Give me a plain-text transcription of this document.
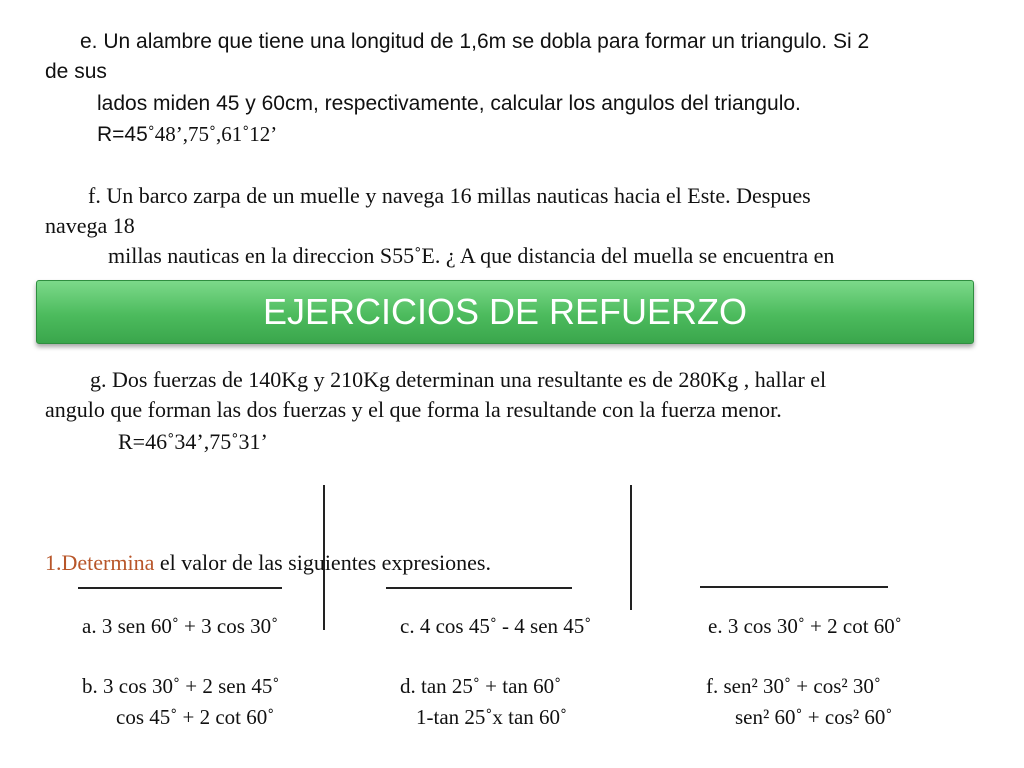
e. Un alambre que tiene una longitud de 1,6m se dobla para formar un triangulo. Si 2
de sus
lados miden 45 y 60cm, respectivamente, calcular los angulos del triangulo.
R=45˚48’,75˚,61˚12’
f. Un barco zarpa de un muelle y navega 16 millas nauticas hacia el Este. Despues
navega 18
millas nauticas en la direccion S55˚E. ¿ A que distancia del muella se encuentra en
EJERCICIOS DE REFUERZO
g. Dos fuerzas de 140Kg y 210Kg determinan una resultante es de 280Kg , hallar el
angulo que forman las dos fuerzas y el que forma la resultande con la fuerza menor.
R=46˚34’,75˚31’
1.Determina el valor de las siguientes expresiones.
a. 3 sen 60˚ + 3 cos 30˚	c. 4 cos 45˚ - 4 sen 45˚	e. 3 cos 30˚ + 2 cot 60˚
b. 3 cos 30˚ + 2 sen 45˚	d. tan 25˚ + tan 60˚	f. sen² 30˚ + cos² 30˚
cos 45˚ + 2 cot 60˚	1-tan 25˚x tan 60˚	sen² 60˚ + cos² 60˚
